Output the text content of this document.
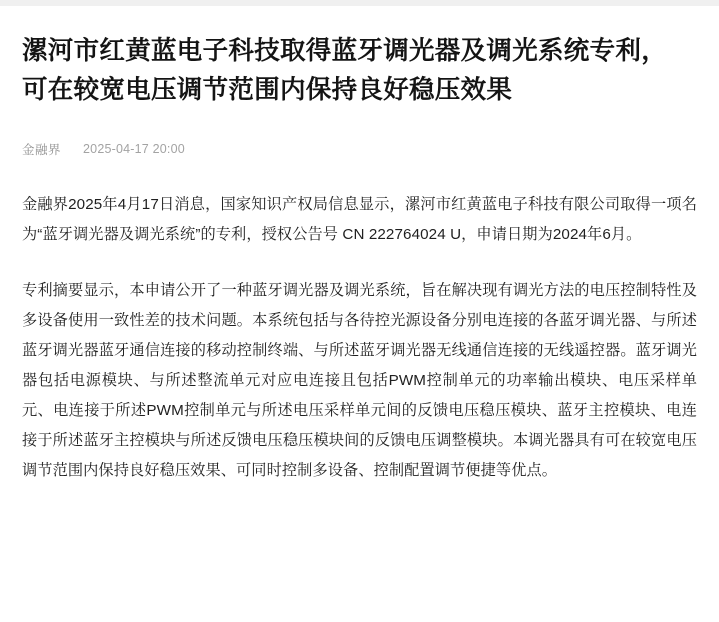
漯河市红黄蓝电子科技取得蓝牙调光器及调光系统专利，可在较宽电压调节范围内保持良好稳压效果
金融界 2025-04-17 20:00

金融界2025年4月17日消息，国家知识产权局信息显示，漯河市红黄蓝电子科技有限公司取得一项名为“蓝牙调光器及调光系统”的专利，授权公告号 CN 222764024 U，申请日期为2024年6月。

专利摘要显示，本申请公开了一种蓝牙调光器及调光系统，旨在解决现有调光方法的电压控制特性及多设备使用一致性差的技术问题。本系统包括与各待控光源设备分别电连接的各蓝牙调光器、与所述蓝牙调光器蓝牙通信连接的移动控制终端、与所述蓝牙调光器无线通信连接的无线遥控器。蓝牙调光器包括电源模块、与所述整流单元对应电连接且包括PWM控制单元的功率输出模块、电压采样单元、电连接于所述PWM控制单元与所述电压采样单元间的反馈电压稳压模块、蓝牙主控模块、电连接于所述蓝牙主控模块与所述反馈电压稳压模块间的反馈电压调整模块。本调光器具有可在较宽电压调节范围内保持良好稳压效果、可同时控制多设备、控制配置调节便捷等优点。
